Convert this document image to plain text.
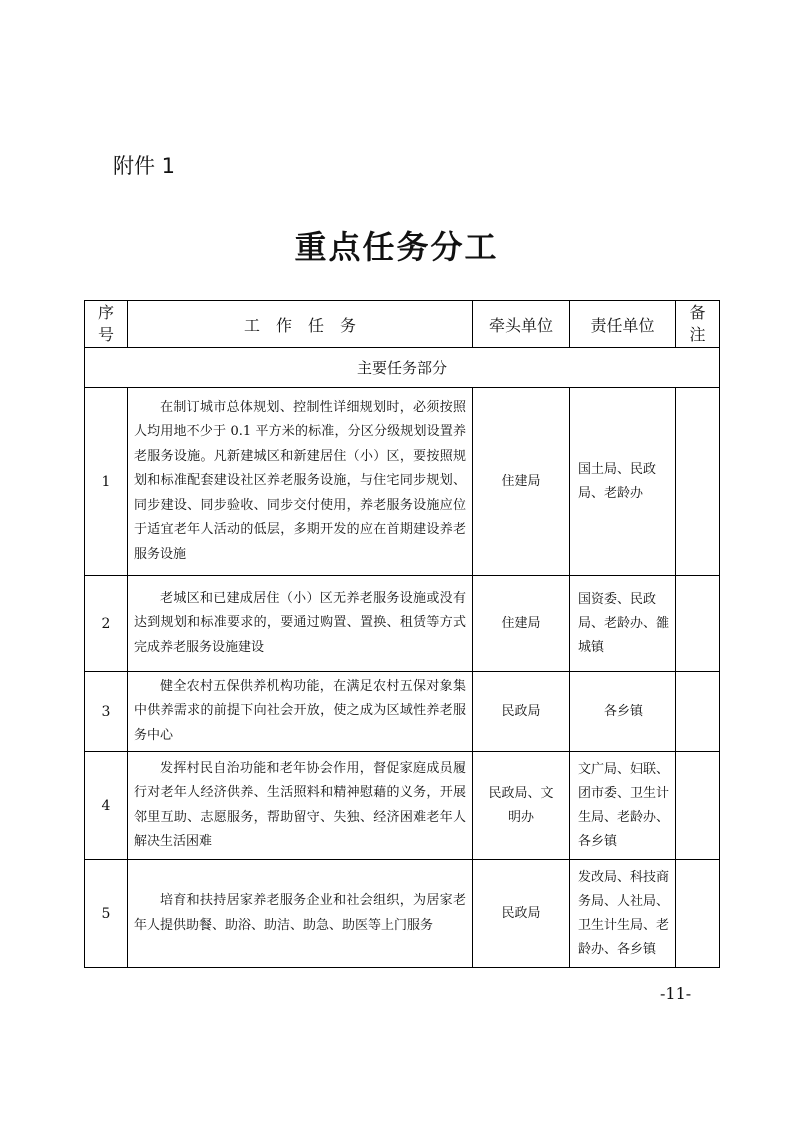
附件 1
重点任务分工
序号	工　作　任　务	牵头单位	责任单位	备注

主要任务部分				
1	在制订城市总体规划、控制性详细规划时，必须按照人均用地不少于 0.1 平方米的标准，分区分级规划设置养老服务设施。凡新建城区和新建居住（小）区，要按照规划和标准配套建设社区养老服务设施，与住宅同步规划、同步建设、同步验收、同步交付使用，养老服务设施应位于适宜老年人活动的低层，多期开发的应在首期建设养老服务设施	住建局	国土局、民政局、老龄办	
2	老城区和已建成居住（小）区无养老服务设施或没有达到规划和标准要求的，要通过购置、置换、租赁等方式完成养老服务设施建设	住建局	国资委、民政局、老龄办、雒城镇	
3	健全农村五保供养机构功能，在满足农村五保对象集中供养需求的前提下向社会开放，使之成为区域性养老服务中心	民政局	各乡镇	
4	发挥村民自治功能和老年协会作用，督促家庭成员履行对老年人经济供养、生活照料和精神慰藉的义务，开展邻里互助、志愿服务，帮助留守、失独、经济困难老年人解决生活困难	民政局、文明办	文广局、妇联、团市委、卫生计生局、老龄办、各乡镇	
5	培育和扶持居家养老服务企业和社会组织，为居家老年人提供助餐、助浴、助洁、助急、助医等上门服务	民政局	发改局、科技商务局、人社局、卫生计生局、老龄办、各乡镇	
-11-
